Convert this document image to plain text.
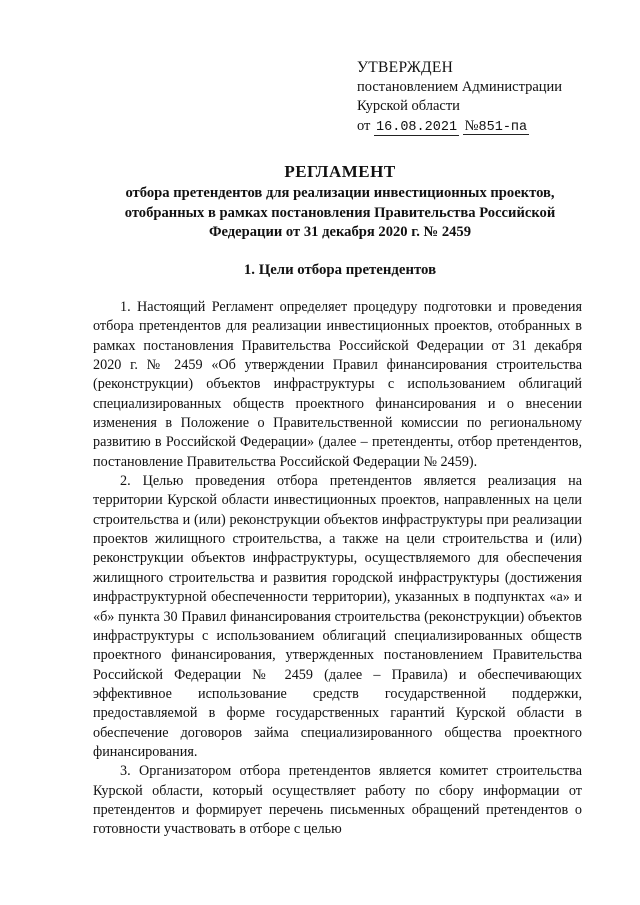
УТВЕРЖДЕН
постановлением Администрации
Курской области
от 16.08.2021 №851-па
РЕГЛАМЕНТ
отбора претендентов для реализации инвестиционных проектов,
отобранных в рамках постановления Правительства Российской
Федерации от 31 декабря 2020 г. № 2459
1. Цели отбора претендентов

1. Настоящий Регламент определяет процедуру подготовки и проведения отбора претендентов для реализации инвестиционных проектов, отобранных в рамках постановления Правительства Российской Федерации от 31 декабря 2020 г. № 2459 «Об утверждении Правил финансирования строительства (реконструкции) объектов инфраструктуры с использованием облигаций специализированных обществ проектного финансирования и о внесении изменения в Положение о Правительственной комиссии по региональному развитию в Российской Федерации» (далее – претенденты, отбор претендентов, постановление Правительства Российской Федерации № 2459).

2. Целью проведения отбора претендентов является реализация на территории Курской области инвестиционных проектов, направленных на цели строительства и (или) реконструкции объектов инфраструктуры при реализации проектов жилищного строительства, а также на цели строительства и (или) реконструкции объектов инфраструктуры, осуществляемого для обеспечения жилищного строительства и развития городской инфраструктуры (достижения инфраструктурной обеспеченности территории), указанных в подпунктах «а» и «б» пункта 30 Правил финансирования строительства (реконструкции) объектов инфраструктуры с использованием облигаций специализированных обществ проектного финансирования, утвержденных постановлением Правительства Российской Федерации № 2459 (далее – Правила) и обеспечивающих эффективное использование средств государственной поддержки, предоставляемой в форме государственных гарантий Курской области в обеспечение договоров займа специализированного общества проектного финансирования.

3. Организатором отбора претендентов является комитет строительства Курской области, который осуществляет работу по сбору информации от претендентов и формирует перечень письменных обращений претендентов о готовности участвовать в отборе с целью
